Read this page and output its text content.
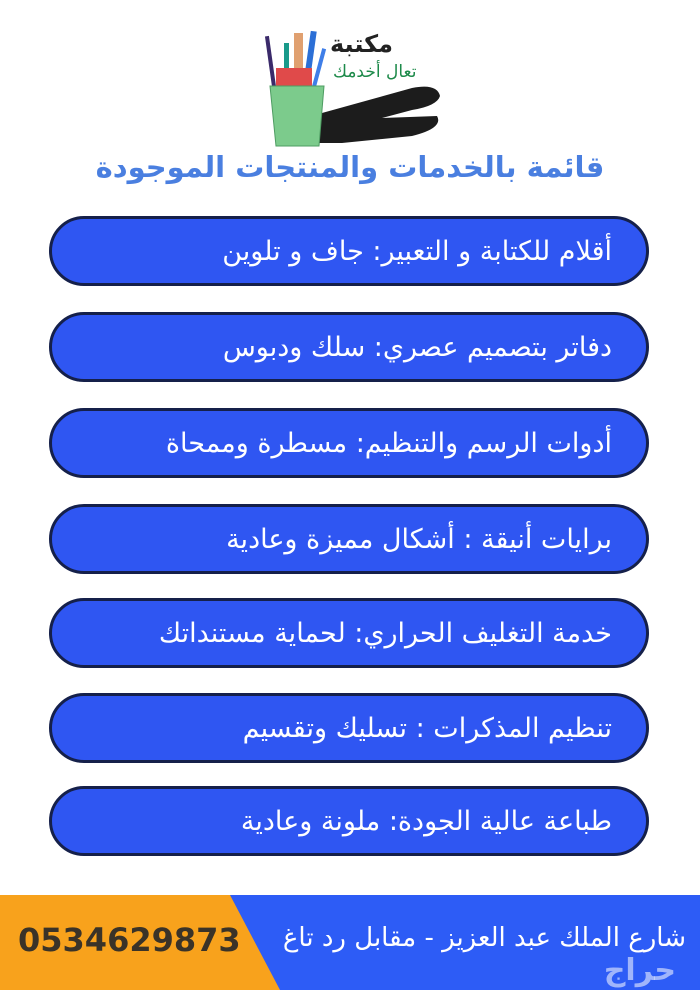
مكتبة
تعال أخدمك
قائمة بالخدمات والمنتجات الموجودة
أقلام للكتابة و التعبير: جاف و تلوين
دفاتر بتصميم عصري: سلك ودبوس
أدوات الرسم والتنظيم: مسطرة وممحاة
برايات أنيقة : أشكال مميزة وعادية
خدمة التغليف الحراري: لحماية مستنداتك
تنظيم المذكرات : تسليك وتقسيم
طباعة عالية الجودة: ملونة وعادية
0534629873
حراج
شارع الملك عبد العزيز - مقابل رد تاغ
